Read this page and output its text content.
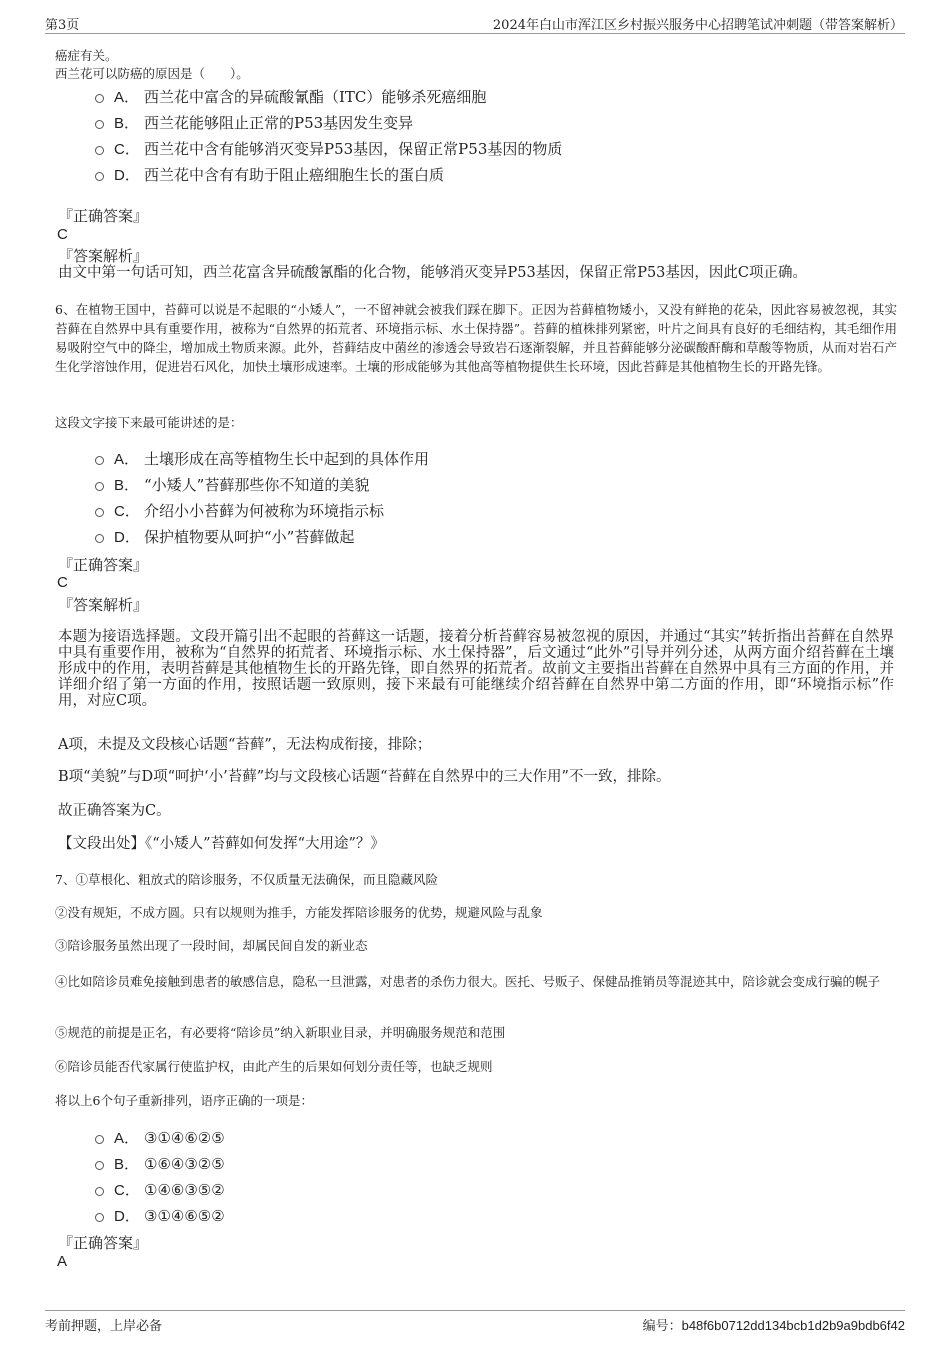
第3页	2024年白山市浑江区乡村振兴服务中心招聘笔试冲刺题（带答案解析）
癌症有关。
西兰花可以防癌的原因是（　　）。
A． 西兰花中富含的异硫酸氰酯（ITC）能够杀死癌细胞
B． 西兰花能够阻止正常的P53基因发生变异
C． 西兰花中含有能够消灭变异P53基因，保留正常P53基因的物质
D． 西兰花中含有有助于阻止癌细胞生长的蛋白质
『正确答案』
C
『答案解析』
由文中第一句话可知，西兰花富含异硫酸氰酯的化合物，能够消灭变异P53基因，保留正常P53基因，因此C项正确。
6、在植物王国中，苔藓可以说是不起眼的“小矮人”，一不留神就会被我们踩在脚下。正因为苔藓植物矮小，又没有鲜艳的花朵，因此容易被忽视，其实苔藓在自然界中具有重要作用，被称为“自然界的拓荒者、环境指示标、水土保持器”。苔藓的植株排列紧密，叶片之间具有良好的毛细结构，其毛细作用易吸附空气中的降尘，增加成土物质来源。此外，苔藓结皮中菌丝的渗透会导致岩石逐渐裂解，并且苔藓能够分泌碳酸酐酶和草酸等物质，从而对岩石产生化学溶蚀作用，促进岩石风化，加快土壤形成速率。土壤的形成能够为其他高等植物提供生长环境，因此苔藓是其他植物生长的开路先锋。
这段文字接下来最可能讲述的是：
A． 土壤形成在高等植物生长中起到的具体作用
B． “小矮人”苔藓那些你不知道的美貌
C． 介绍小小苔藓为何被称为环境指示标
D． 保护植物要从呵护“小”苔藓做起
『正确答案』
C
『答案解析』
本题为接语选择题。文段开篇引出不起眼的苔藓这一话题，接着分析苔藓容易被忽视的原因，并通过“其实”转折指出苔藓在自然界中具有重要作用，被称为“自然界的拓荒者、环境指示标、水土保持器”，后文通过“此外”引导并列分述，从两方面介绍苔藓在土壤形成中的作用，表明苔藓是其他植物生长的开路先锋，即自然界的拓荒者。故前文主要指出苔藓在自然界中具有三方面的作用，并详细介绍了第一方面的作用，按照话题一致原则，接下来最有可能继续介绍苔藓在自然界中第二方面的作用，即“环境指示标”作用，对应C项。
A项，未提及文段核心话题“苔藓”，无法构成衔接，排除；
B项“美貌”与D项“呵护‘小’苔藓”均与文段核心话题“苔藓在自然界中的三大作用”不一致，排除。
故正确答案为C。
【文段出处】《“小矮人”苔藓如何发挥“大用途”？》
7、①草根化、粗放式的陪诊服务，不仅质量无法确保，而且隐藏风险
②没有规矩，不成方圆。只有以规则为推手，方能发挥陪诊服务的优势，规避风险与乱象
③陪诊服务虽然出现了一段时间，却属民间自发的新业态
④比如陪诊员难免接触到患者的敏感信息，隐私一旦泄露，对患者的杀伤力很大。医托、号贩子、保健品推销员等混迹其中，陪诊就会变成行骗的幌子
⑤规范的前提是正名，有必要将“陪诊员”纳入新职业目录，并明确服务规范和范围
⑥陪诊员能否代家属行使监护权，由此产生的后果如何划分责任等，也缺乏规则
将以上6个句子重新排列，语序正确的一项是：
A． ③①④⑥②⑤
B． ①⑥④③②⑤
C． ①④⑥③⑤②
D． ③①④⑥⑤②
『正确答案』
A
考前押题，上岸必备	编号：b48f6b0712dd134bcb1d2b9a9bdb6f42
